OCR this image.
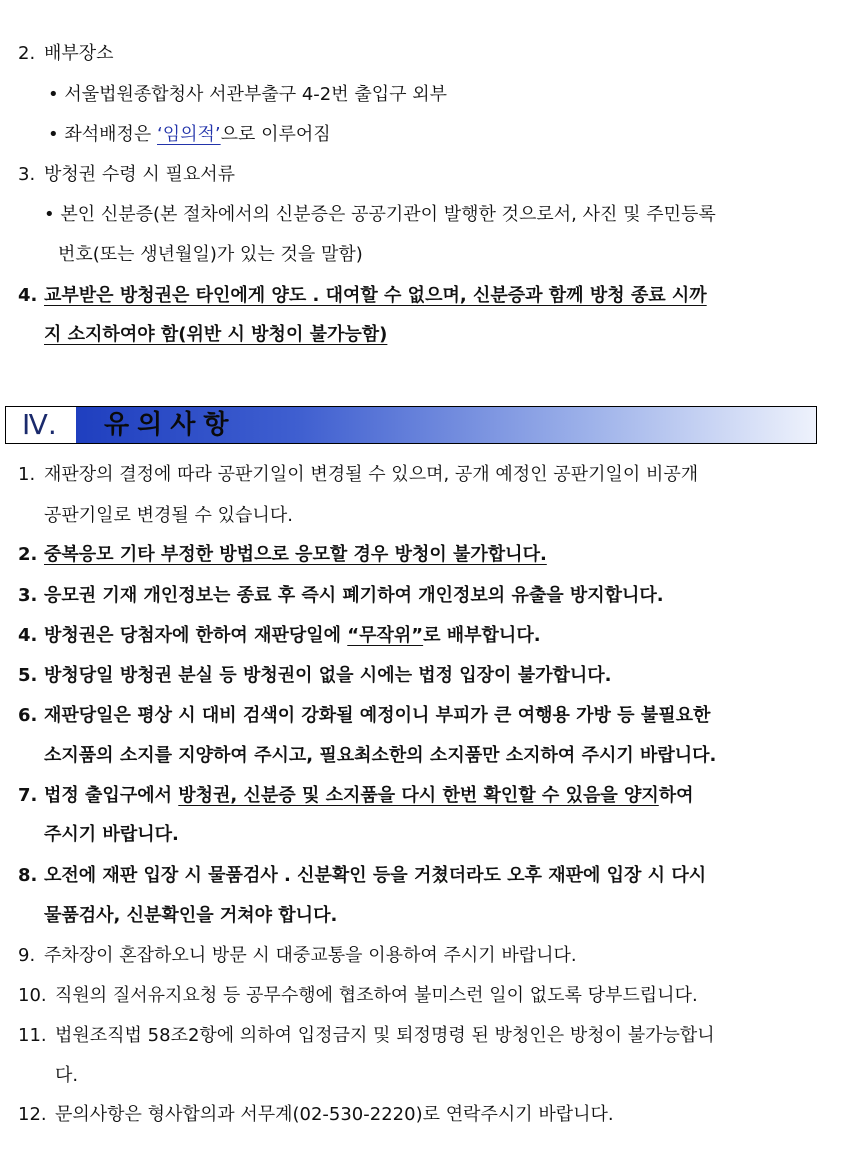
2. 배부장소
• 서울법원종합청사 서관부출구 4-2번 출입구 외부
• 좌석배정은 ‘임의적’으로 이루어짐
3. 방청권 수령 시 필요서류
• 본인 신분증(본 절차에서의 신분증은 공공기관이 발행한 것으로서, 사진 및 주민등록
번호(또는 생년월일)가 있는 것을 말함)
4. 교부받은 방청권은 타인에게 양도 . 대여할 수 없으며, 신분증과 함께 방청 종료 시까
지 소지하여야 함(위반 시 방청이 불가능함)
Ⅳ.	유의사항
1. 재판장의 결정에 따라 공판기일이 변경될 수 있으며, 공개 예정인 공판기일이 비공개
공판기일로 변경될 수 있습니다.
2. 중복응모 기타 부정한 방법으로 응모할 경우 방청이 불가합니다.
3. 응모권 기재 개인정보는 종료 후 즉시 폐기하여 개인정보의 유출을 방지합니다.
4. 방청권은 당첨자에 한하여 재판당일에 “무작위”로 배부합니다.
5. 방청당일 방청권 분실 등 방청권이 없을 시에는 법정 입장이 불가합니다.
6. 재판당일은 평상 시 대비 검색이 강화될 예정이니 부피가 큰 여행용 가방 등 불필요한
소지품의 소지를 지양하여 주시고, 필요최소한의 소지품만 소지하여 주시기 바랍니다.
7. 법정 출입구에서 방청권, 신분증 및 소지품을 다시 한번 확인할 수 있음을 양지하여
주시기 바랍니다.
8. 오전에 재판 입장 시 물품검사 . 신분확인 등을 거쳤더라도 오후 재판에 입장 시 다시
물품검사, 신분확인을 거쳐야 합니다.
9. 주차장이 혼잡하오니 방문 시 대중교통을 이용하여 주시기 바랍니다.
10. 직원의 질서유지요청 등 공무수행에 협조하여 불미스런 일이 없도록 당부드립니다.
11. 법원조직법 58조2항에 의하여 입정금지 및 퇴정명령 된 방청인은 방청이 불가능합니
다.
12. 문의사항은 형사합의과 서무계(02-530-2220)로 연락주시기 바랍니다.
